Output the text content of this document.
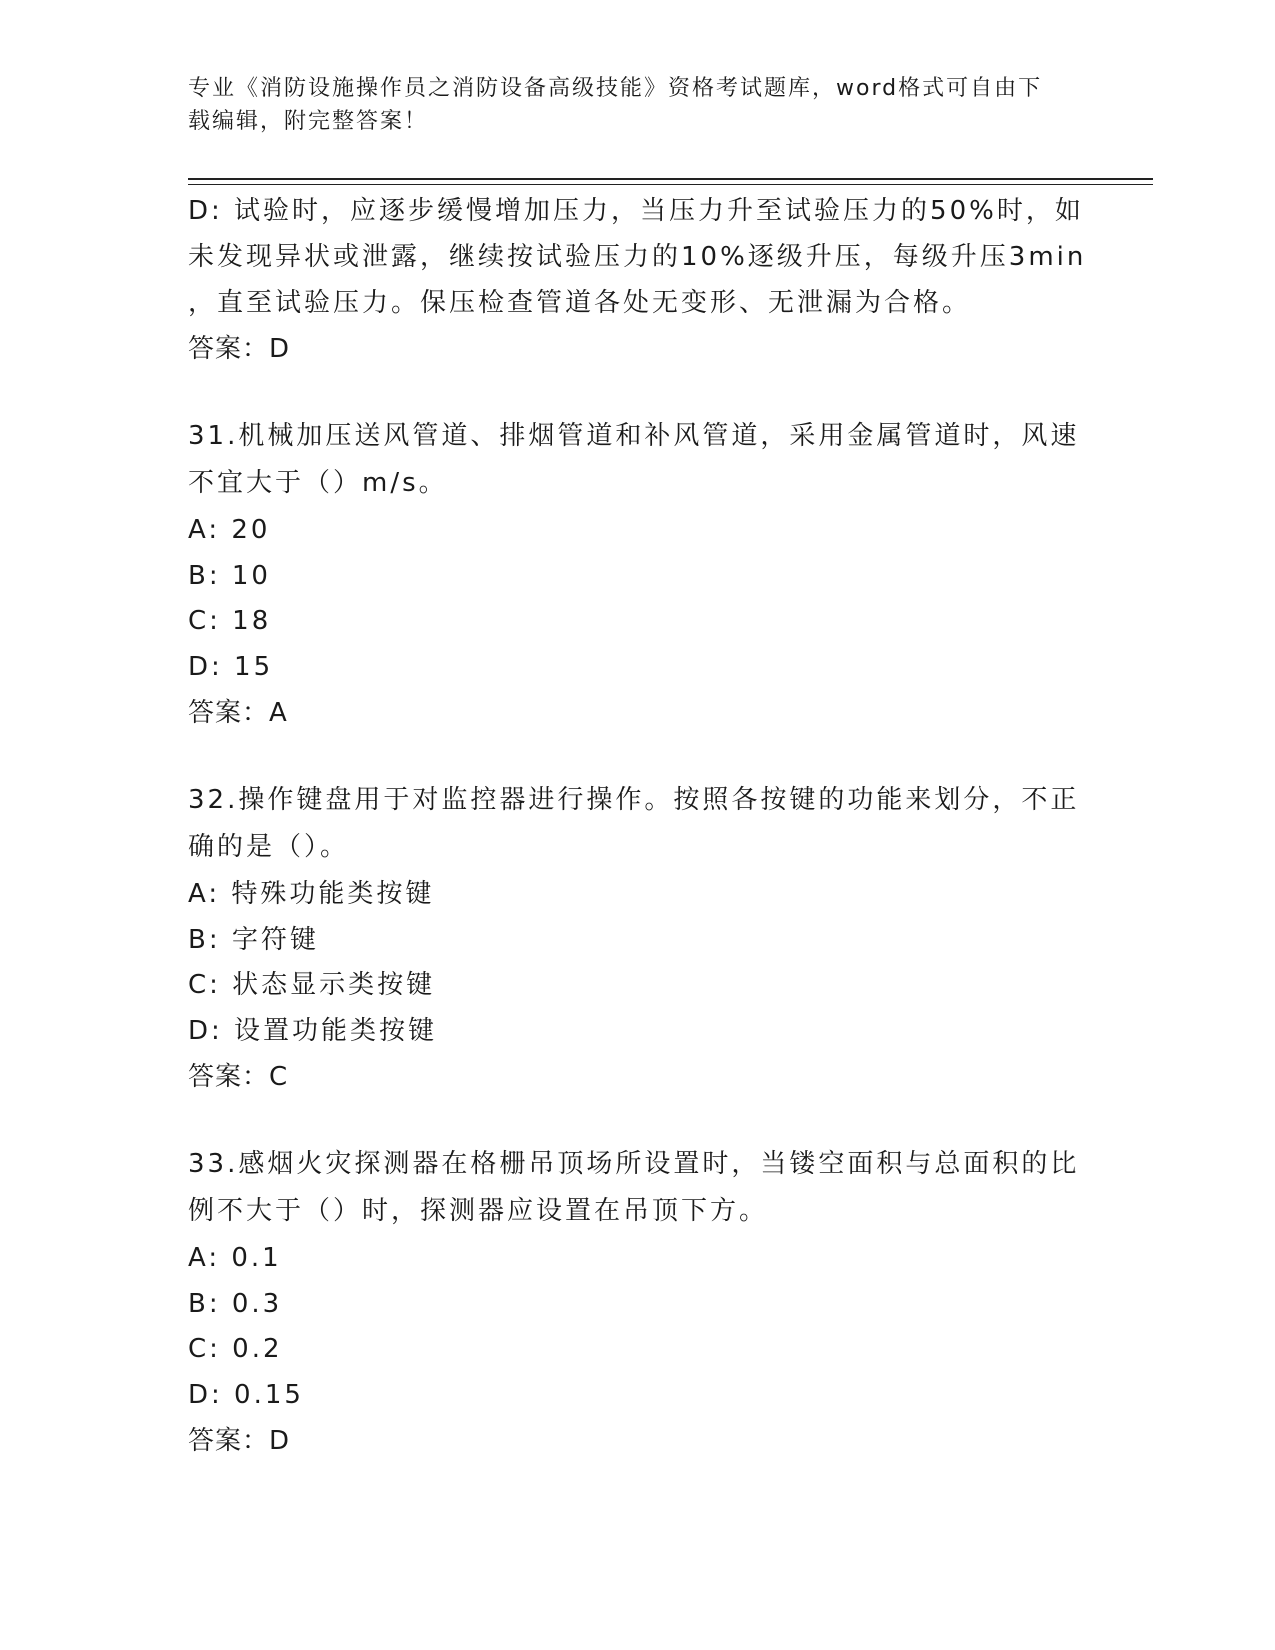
专业《消防设施操作员之消防设备高级技能》资格考试题库，word格式可自由下
载编辑，附完整答案！

D: 试验时，应逐步缓慢增加压力，当压力升至试验压力的50%时，如

未发现异状或泄露，继续按试验压力的10%逐级升压，每级升压3min

，直至试验压力。保压检查管道各处无变形、无泄漏为合格。

答案：D

31.机械加压送风管道、排烟管道和补风管道，采用金属管道时，风速

不宜大于（）m/s。

A: 20

B: 10

C: 18

D: 15

答案：A

32.操作键盘用于对监控器进行操作。按照各按键的功能来划分，不正

确的是（）。

A: 特殊功能类按键

B: 字符键

C: 状态显示类按键

D: 设置功能类按键

答案：C

33.感烟火灾探测器在格栅吊顶场所设置时，当镂空面积与总面积的比

例不大于（）时，探测器应设置在吊顶下方。

A: 0.1

B: 0.3

C: 0.2

D: 0.15

答案：D
